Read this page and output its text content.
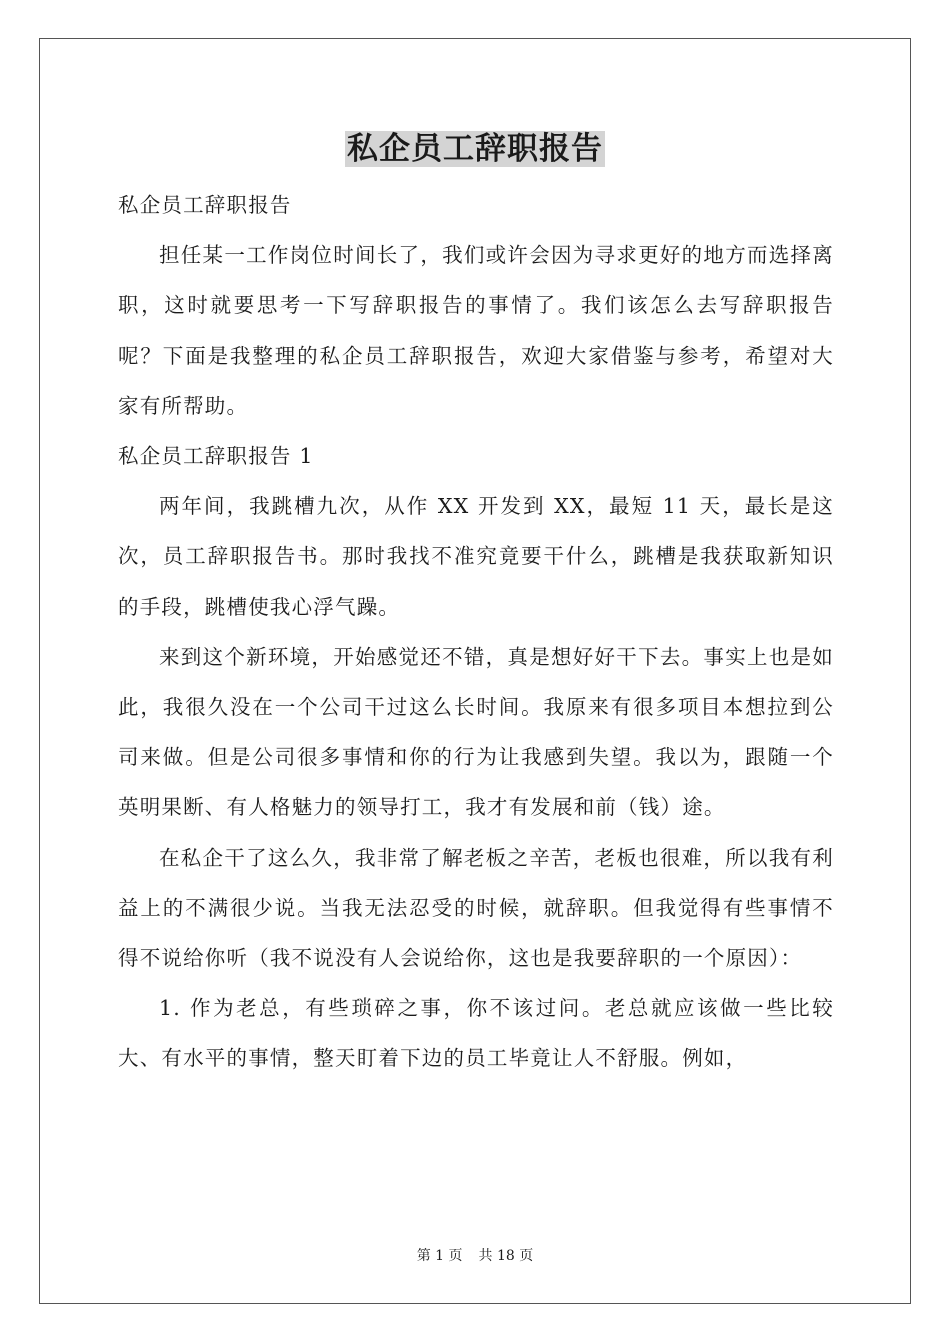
私企员工辞职报告

私企员工辞职报告

担任某一工作岗位时间长了，我们或许会因为寻求更好的地方而选择离职，这时就要思考一下写辞职报告的事情了。我们该怎么去写辞职报告呢？下面是我整理的私企员工辞职报告，欢迎大家借鉴与参考，希望对大家有所帮助。

私企员工辞职报告 1

两年间，我跳槽九次，从作 XX 开发到 XX，最短 11 天，最长是这次，员工辞职报告书。那时我找不准究竟要干什么，跳槽是我获取新知识的手段，跳槽使我心浮气躁。

来到这个新环境，开始感觉还不错，真是想好好干下去。事实上也是如此，我很久没在一个公司干过这么长时间。我原来有很多项目本想拉到公司来做。但是公司很多事情和你的行为让我感到失望。我以为，跟随一个英明果断、有人格魅力的领导打工，我才有发展和前（钱）途。

在私企干了这么久，我非常了解老板之辛苦，老板也很难，所以我有利益上的不满很少说。当我无法忍受的时候，就辞职。但我觉得有些事情不得不说给你听（我不说没有人会说给你，这也是我要辞职的一个原因）：

1. 作为老总，有些琐碎之事，你不该过问。老总就应该做一些比较大、有水平的事情，整天盯着下边的员工毕竟让人不舒服。例如，

第 1 页 共 18 页
